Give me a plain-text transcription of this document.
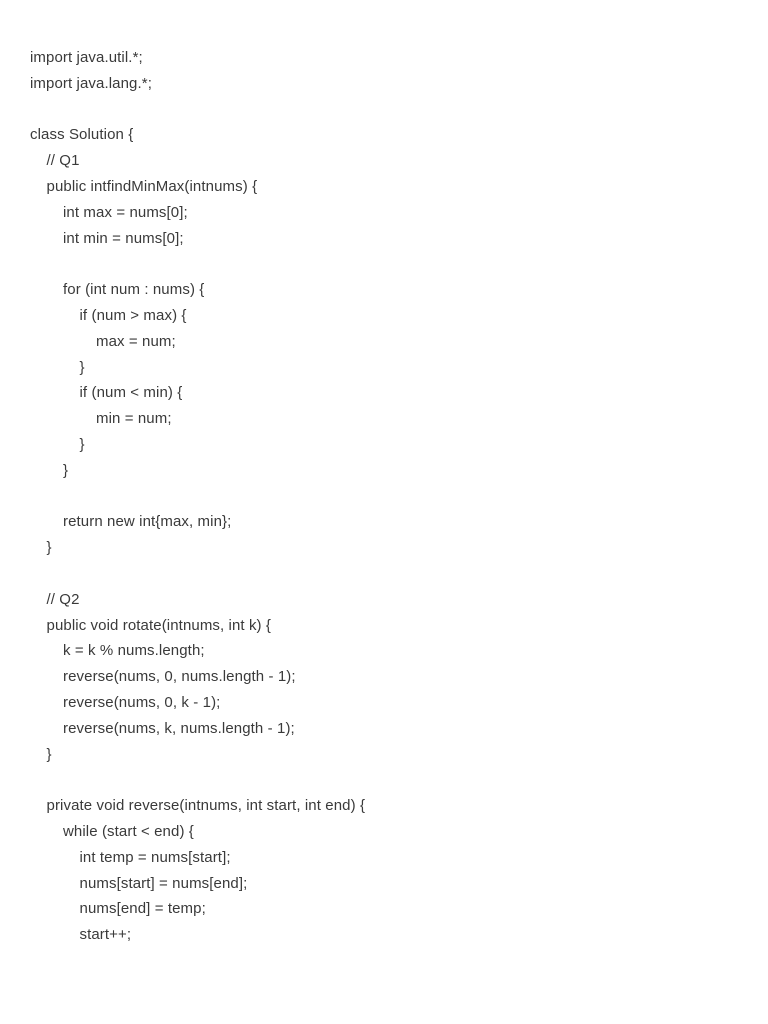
import java.util.*;
import java.lang.*;
class Solution {
// Q1
public intfindMinMax(intnums) {
int max = nums[0];
int min = nums[0];
for (int num : nums) {
if (num > max) {
max = num;
}
if (num < min) {
min = num;
}
}
return new int{max, min};
}
// Q2
public void rotate(intnums, int k) {
k = k % nums.length;
reverse(nums, 0, nums.length - 1);
reverse(nums, 0, k - 1);
reverse(nums, k, nums.length - 1);
}
private void reverse(intnums, int start, int end) {
while (start < end) {
int temp = nums[start];
nums[start] = nums[end];
nums[end] = temp;
start++;
